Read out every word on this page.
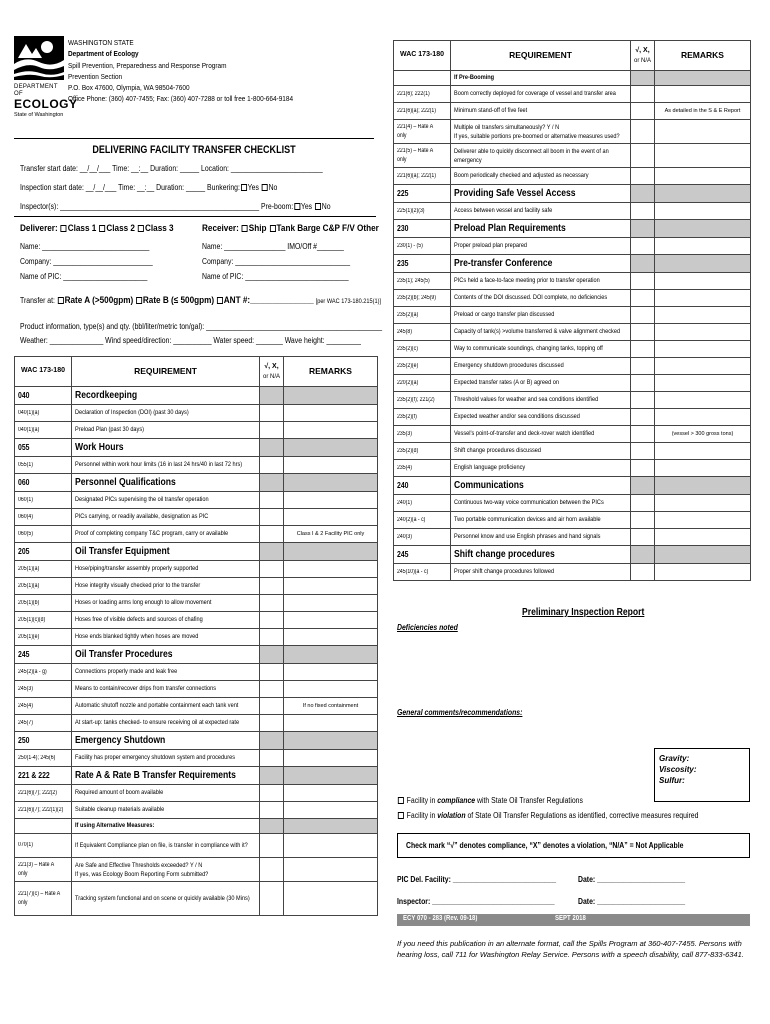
DEPARTMENT OF
ECOLOGY
State of Washington
WASHINGTON STATE
Department of Ecology
Spill Prevention, Preparedness and Response Program
Prevention Section
P.O. Box 47600, Olympia, WA 98504-7600
Office Phone: (360) 407-7455; Fax: (360) 407-7288 or toll free 1-800-664-9184
DELIVERING FACILITY TRANSFER CHECKLIST
Transfer start date: __/__/___ Time: __:__ Duration: _____ Location: ________________________
Inspection start date: __/__/___ Time: __:__ Duration: _____ Bunkering: Yes No
Inspector(s): ____________________________________________________ Pre-boom: Yes No
Deliverer: Class 1 Class 2 Class 3	Receiver: Ship Tank Barge C&P F/V Other
Name: ____________________________
Company: __________________________
Name of PIC: ______________________
Name: ________________ IMO/Off #_______
Company: ______________________________
Name of PIC: ___________________________
Transfer at: Rate A (>500gpm) Rate B (≤ 500gpm) ANT #:______________ [per WAC 173-180.215(1)]
Product information, type(s) and qty. (bbl/liter/metric ton/gal): ______________________________________________
Weather: ______________ Wind speed/direction: __________ Water speed: _______ Wave height: _________
WAC 173-180	REQUIREMENT	√, X,
or N/A	REMARKS
040	Recordkeeping		
040(1)(a)	Declaration of Inspection (DOI) (past 30 days)		
040(1)(a)	Preload Plan (past 30 days)		
055	Work Hours		
055(1)	Personnel within work hour limits (16 in last 24 hrs/40 in last 72 hrs)		
060	Personnel Qualifications		
060(1)	Designated PICs supervising the oil transfer operation		
060(4)	PICs carrying, or readily available, designation as PIC		
060(5)	Proof of completing company T&C program, carry or available		Class I & 2 Facility PIC only
205	Oil Transfer Equipment		
205(1)(a)	Hose/piping/transfer assembly properly supported		
205(1)(a)	Hose integrity visually checked prior to the transfer		
205(1)(b)	Hoses or loading arms long enough to allow movement		
205(1)(c)(d)	Hoses free of visible defects and sources of chafing		
205(1)(e)	Hose ends blanked tightly when hoses are moved		
245	Oil Transfer Procedures		
245(2)(a - g)	Connections properly made and leak free		
245(3)	Means to contain/recover drips from transfer connections		
245(4)	Automatic shutoff nozzle and portable containment each tank vent		If no fixed containment
245(7)	At start-up: tanks checked- to ensure receiving oil at expected rate		
250	Emergency Shutdown		
250(1-4); 245(6)	Facility has proper emergency shutdown system and procedures		
221 & 222	Rate A & Rate B Transfer Requirements		
221(6)(7); 222(2)	Required amount of boom available		
221(6)(7); 222(1)(2)	Suitable cleanup materials available		
	If using Alternative Measures:		
070(1)	If Equivalent Compliance plan on file, is transfer in compliance with it?		
221(3) – Rate A only	Are Safe and Effective Thresholds exceeded? Y / N
If yes, was Ecology Boom Reporting Form submitted?		
221(7)(c) – Rate A only	Tracking system functional and on scene or quickly available (30 Mins)		
WAC 173-180	REQUIREMENT	√, X,
or N/A	REMARKS
	If Pre-Booming		
221(6); 222(1)	Boom correctly deployed for coverage of vessel and transfer area		
221(6)(a); 222(1)	Minimum stand-off of five feet		As detailed in the S & E Report
221(4) – Rate A only	Multiple oil transfers simultaneously? Y / N
If yes, suitable portions pre-boomed or alternative measures used?		
221(5) – Rate A only	Deliverer able to quickly disconnect all boom in the event of an emergency		
221(6)(a); 222(1)	Boom periodically checked and adjusted as necessary		
225	Providing Safe Vessel Access		
225(1)(2)(3)	Access between vessel and facility safe		
230	Preload Plan Requirements		
230(1) - (5)	Proper preload plan prepared		
235	Pre-transfer Conference		
235(1); 245(5)	PICs held a face-to-face meeting prior to transfer operation		
235(2)(b); 245(9)	Contents of the DOI discussed. DOI complete, no deficiencies		
235(2)(a)	Preload or cargo transfer plan discussed		
245(8)	Capacity of tank(s) >volume transferred & valve alignment checked		
235(2)(c)	Way to communicate soundings, changing tanks, topping off		
235(2)(e)	Emergency shutdown procedures discussed		
220(2)(a)	Expected transfer rates (A or B) agreed on		
235(2)(f); 221(2)	Threshold values for weather and sea conditions identified		
235(2)(f)	Expected weather and/or sea conditions discussed		
235(3)	Vessel's point-of-transfer and deck-rover watch identified		(vessel > 300 gross tons)
235(2)(d)	Shift change procedures discussed		
235(4)	English language proficiency		
240	Communications		
240(1)	Continuous two-way voice communication between the PICs		
240(2)(a - c)	Two portable communication devices and air horn available		
240(3)	Personnel know and use English phrases and hand signals		
245	Shift change procedures		
245(10)(a - c)	Proper shift change procedures followed		
Preliminary Inspection Report
Deficiencies noted
General comments/recommendations:
Gravity:
Viscosity:
Sulfur:
Facility in compliance with State Oil Transfer Regulations
Facility in violation of State Oil Transfer Regulations as identified, corrective measures required
Check mark “√” denotes compliance, “X” denotes a violation, “N/A” = Not Applicable
PIC Del. Facility: ___________________________	Date: _______________________
Inspector: ________________________________	Date: _______________________
ECY 070 - 283 (Rev. 09-18)	SEPT 2018
If you need this publication in an alternate format, call the Spills Program at 360-407-7455. Persons with hearing loss, call 711 for Washington Relay Service. Persons with a speech disability, call 877-833-6341.
